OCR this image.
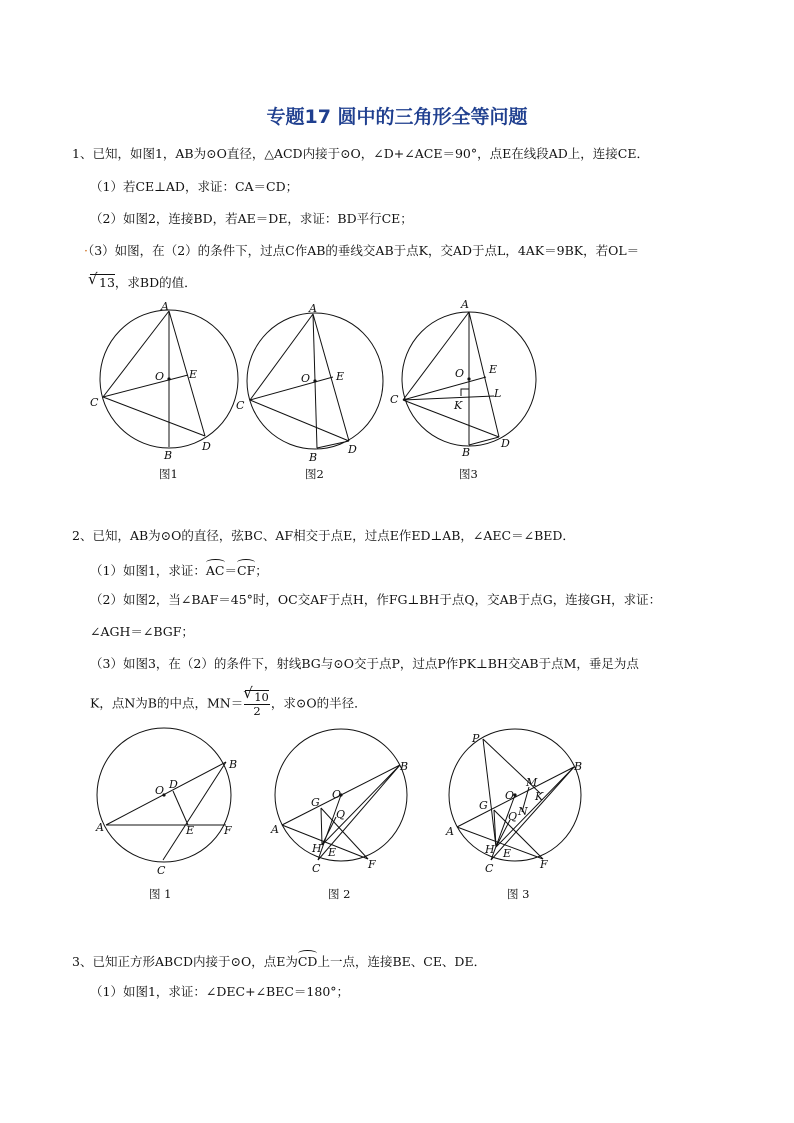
专题17 圆中的三角形全等问题
1、已知，如图1，AB为⊙O直径，△ACD内接于⊙O，∠D+∠ACE＝90°，点E在线段AD上，连接CE．
（1）若CE⊥AD，求证：CA＝CD；
（2）如图2，连接BD，若AE＝DE，求证：BD平行CE；
·（3）如图，在（2）的条件下，过点C作AB的垂线交AB于点K，交AD于点L，4AK＝9BK，若OL＝
√ 13，求BD的值．
A
O E
C
B
D
图1
A
O E
C
B
D
图2
A
O E
L
C	K
B
D
图3
2、已知，AB为⊙O的直径，弦BC、AF相交于点E，过点E作ED⊥AB，∠AEC＝∠BED．
（1）如图1，求证：AC＝CF；
（2）如图2，当∠BAF＝45°时，OC交AF于点H，作FG⊥BH于点Q，交AB于点G，连接GH，求证：
∠AGH＝∠BGF；
（3）如图3，在（2）的条件下，射线BG与⊙O交于点P，过点P作PK⊥BH交AB于点M，垂足为点
K，点N为B的中点，MN＝
√ $\frac{10}{2}$ ，求⊙O的半径．
B
O D
A	E	F
C
图 1
B
O
G
Q
A
H E
C	F
图 2
P
B
M
O K
G
Q N
A
H E
C	F
图 3
3、已知正方形ABCD内接于⊙O，点E为CD上一点，连接BE、CE、DE．
（1）如图1，求证：∠DEC+∠BEC＝180°；
